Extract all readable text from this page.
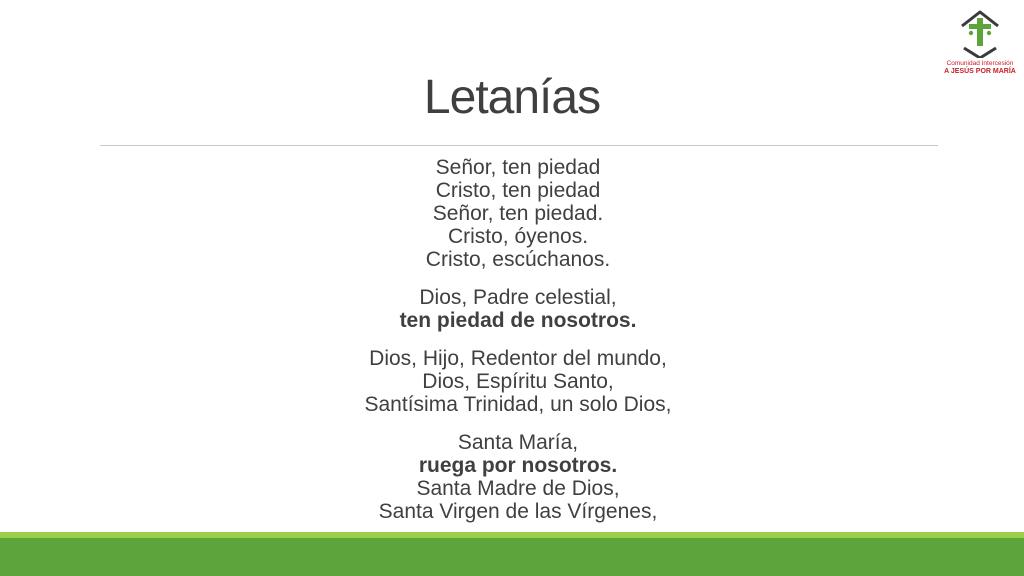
Comunidad Intercesión
A JESÚS POR MARÍA
Letanías
Señor, ten piedad
Cristo, ten piedad
Señor, ten piedad.
Cristo, óyenos.
Cristo, escúchanos.
Dios, Padre celestial,
ten piedad de nosotros.
Dios, Hijo, Redentor del mundo,
Dios, Espíritu Santo,
Santísima Trinidad, un solo Dios,
Santa María,
ruega por nosotros.
Santa Madre de Dios,
Santa Virgen de las Vírgenes,
